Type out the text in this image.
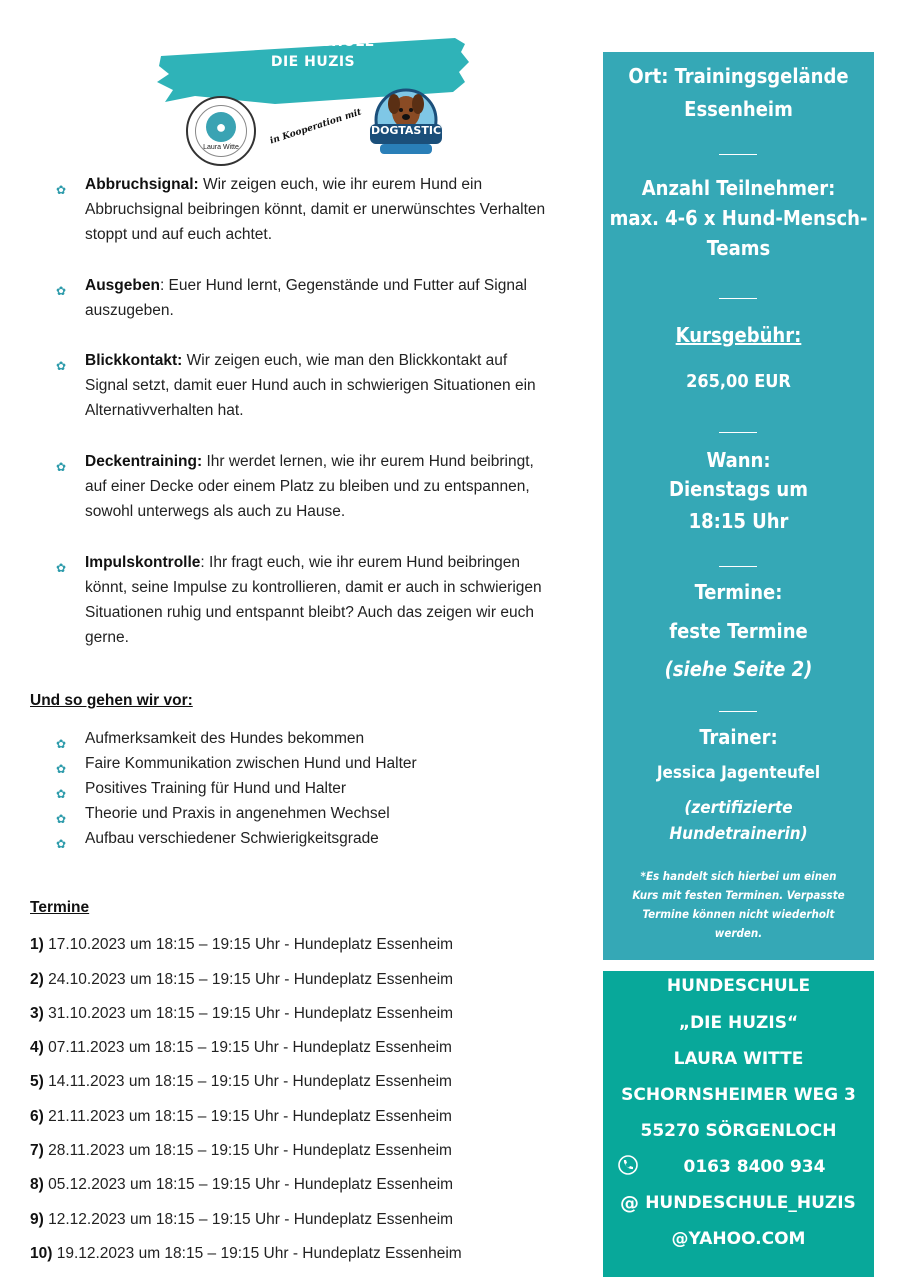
HUNDESCHULE
DIE HUZIS
●
Laura Witte
in Kooperation mit DOGTASTIC
✿ Abbruchsignal: Wir zeigen euch, wie ihr eurem Hund ein
Abbruchsignal beibringen könnt, damit er unerwünschtes Verhalten
stoppt und auf euch achtet.
✿ Ausgeben: Euer Hund lernt, Gegenstände und Futter auf Signal
auszugeben.
✿ Blickkontakt: Wir zeigen euch, wie man den Blickkontakt auf
Signal setzt, damit euer Hund auch in schwierigen Situationen ein
Alternativverhalten hat.
✿ Deckentraining: Ihr werdet lernen, wie ihr eurem Hund beibringt,
auf einer Decke oder einem Platz zu bleiben und zu entspannen,
sowohl unterwegs als auch zu Hause.
✿ Impulskontrolle: Ihr fragt euch, wie ihr eurem Hund beibringen
könnt, seine Impulse zu kontrollieren, damit er auch in schwierigen
Situationen ruhig und entspannt bleibt? Auch das zeigen wir euch
gerne.
Und so gehen wir vor:
✿ Aufmerksamkeit des Hundes bekommen
✿ Faire Kommunikation zwischen Hund und Halter
✿ Positives Training für Hund und Halter
✿ Theorie und Praxis in angenehmen Wechsel
✿ Aufbau verschiedener Schwierigkeitsgrade
Termine
1) 17.10.2023 um 18:15 – 19:15 Uhr - Hundeplatz Essenheim
2) 24.10.2023 um 18:15 – 19:15 Uhr - Hundeplatz Essenheim
3) 31.10.2023 um 18:15 – 19:15 Uhr - Hundeplatz Essenheim
4) 07.11.2023 um 18:15 – 19:15 Uhr - Hundeplatz Essenheim
5) 14.11.2023 um 18:15 – 19:15 Uhr - Hundeplatz Essenheim
6) 21.11.2023 um 18:15 – 19:15 Uhr - Hundeplatz Essenheim
7) 28.11.2023 um 18:15 – 19:15 Uhr - Hundeplatz Essenheim
8) 05.12.2023 um 18:15 – 19:15 Uhr - Hundeplatz Essenheim
9) 12.12.2023 um 18:15 – 19:15 Uhr - Hundeplatz Essenheim
10) 19.12.2023 um 18:15 – 19:15 Uhr - Hundeplatz Essenheim
Ort: Trainingsgelände
Essenheim
Anzahl Teilnehmer:
max. 4-6 x Hund-Mensch-
Teams
Kursgebühr:
265,00 EUR
Wann:
Dienstags um
18:15 Uhr
Termine:
feste Termine
(siehe Seite 2)
Trainer:
Jessica Jagenteufel
(zertifizierte
Hundetrainerin)
*Es handelt sich hierbei um einen
Kurs mit festen Terminen. Verpasste
Termine können nicht wiederholt
werden.
HUNDESCHULE
„DIE HUZIS“
LAURA WITTE
SCHORNSHEIMER WEG 3
55270 SÖRGENLOCH
0163 8400 934
@ HUNDESCHULE_HUZIS
@YAHOO.COM
